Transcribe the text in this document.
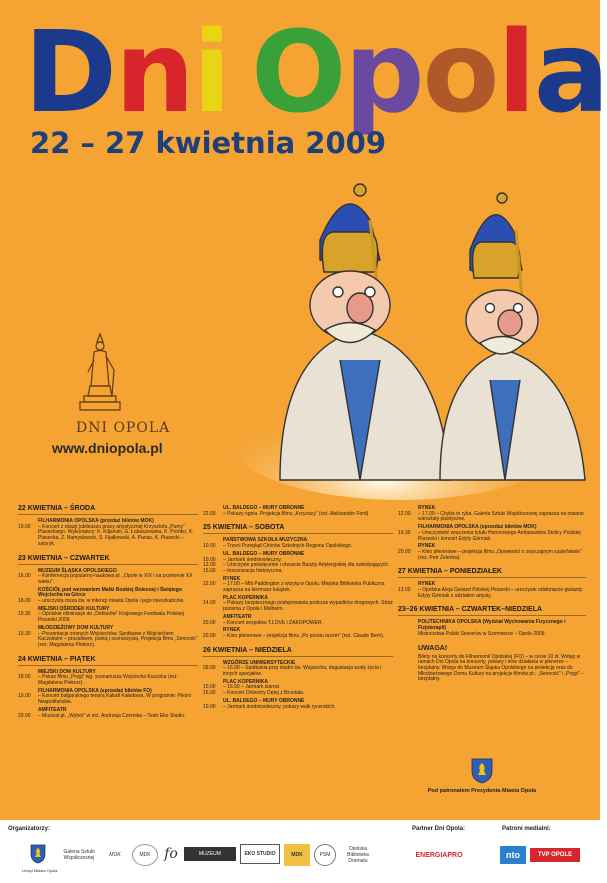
Dni Opola
22 – 27 kwietnia 2009
DNI OPOLA
www.dniopola.pl
22 KWIETNIA – ŚRODA
FILHARMONIA OPOLSKA (przedaż biletów MOK)
19.00	– Koncert z okazji jubileuszu pracy artystycznej Krzysztofa „Pumy” Piaseckiego. Wykonawcy: K. Kiljański, G. Łobaszewska, K. Prońko, K. Piasecka, Z. Namysłowski, S. Fijałkowski, A. Panas, K. Piasecki – satyryk.
23 KWIETNIA – CZWARTEK
MUZEUM ŚLĄSKA OPOLSKIEGO
16.00	– Konferencja popularno-naukowa pt. „Opole w XIX i na przełomie XX wieku”.
KOŚCIÓŁ pod wezwaniem Matki Boskiej Bolesnej i Świętego Wojciecha na Górce
18.00	– uroczysta msza św. w intencji miasta Opola i jego mieszkańców.
MIEJSKI OŚRODEK KULTURY
19.30	– Opolskie eliminacje do „Debiutów” Krajowego Festiwalu Polskiej Piosenki 2009.
MŁODZIEŻOWY DOM KULTURY
19.30	– Prezentacje znanych Wojciechów. Spotkanie z Wojciechem Kuczokiem – prozaikiem, poetą i scenarzystą. Projekcja filmu „Senność” (reż. Magdalena Piekorz).
24 KWIETNIA – PIĄTEK
MIEJSKI DOM KULTURY
18.00	– Pokaz filmu „Pręgi” wg. scenariusza Wojciecha Kuczoka (reż. Magdalena Piekorz).
FILHARMONIA OPOLSKA (sprzedaż biletów FO)
19.00	– Koncert bułgarskiego tenora Kałudi Kałudowa. W programie: Pieśni Neapolitańskie.
AMFITEATR
20.00	– Musical pt. „Wybór” w reż. Andrzeja Czernika – Teatr Eko Studio.
UL. BALDEGO – MURY OBRONNE
22.00	– Pokazy ognia. Projekcja filmu „Krzyżacy” (reż. Aleksander Ford).
25 KWIETNIA – SOBOTA
PAŃSTWOWA SZKOŁA MUZYCZNA
10.00	– Trzeci Przegląd Chórów Szkolnych Regionu Opolskiego.
UL. BALDEGO – MURY OBRONNE
10.00	– Jarmark średniowieczny.
12.00	– Uroczyste poświęcenie i otwarcie Baszty Artyleryjskiej dla zwiedzających.
15.00	– Inscenizacja historyczna.
RYNEK
12.00	– 17.00 – Miś Paddington z wizytą w Opolu. Miejska Biblioteka Publiczna zaprasza na kiermasz książek.
PLAC KOPERNIKA
14.00	– Pokazy bezpiecznego postępowania podczas wypadków drogowych. Straż pożarna z Opola i Mülheim.
AMFITEATR
20.00	– Koncert zespołów T.LOVE i ZAKOPOWER.
RYNEK
20.00	– Kino plenerowe – projekcja filmu „Po prostu razem” (reż. Claude Berri).
26 KWIETNIA – NIEDZIELA
WZGÓRZE UNIWERSYTECKIE
09.00	– 16.00 – Spotkania przy studni św. Wojciecha, degustacja wody życia i innych specjałów.
PLAC KOPERNIKA
10.00	– 16.00 – Jarmark staroci.
16.00	– Koncert Orkiestry Dętej z Bruntala.
UL. BALDEGO – MURY OBRONNE
10.00	– Jarmark średniowieczny, pokazy walk rycerskich.
RYNEK
12.00	– 17.00 – Chyba to ryba. Galeria Sztuki Współczesnej zaprasza na otwarte warsztaty plastyczne.
FILHARMONIA OPOLSKA (sprzedaż biletów MOK)
19.30	– Uroczystość wręczenia tytułu Honorowego Ambasadora Stolicy Polskiej Piosenki i koncert Edyty Górniak.
RYNEK
20.00	– Kino plenerowe – projekcja filmu „Opowieści o zwyczajnym szaleństwie” (reż. Petr Zelenka).
27 KWIETNIA – PONIEDZIAŁEK
RYNEK
13.00	– Opolska Aleja Gwiazd Polskiej Piosenki – uroczyste odsłonięcie gwiazdy Edyty Górniak z udziałem artysty.
23–26 KWIETNIA – CZWARTEK–NIEDZIELA
POLITECHNIKA OPOLSKA (Wydział Wychowania Fizycznego i Fizjoterapii)
Mistrzostwa Polski Seniorów w Szermierce – Opole 2009.
UWAGA!
Bilety na koncerty do Filharmonii Opolskiej (FO) – w cenie 10 zł. Wstęp w ramach Dni Opola na koncerty, pokazy i inne działania w plenerze – bezpłatny. Wstęp do Muzeum Śląska Opolskiego na prelekcję oraz do Młodzieżowego Domu Kultury na projekcje filmów pt.: „Senność” i „Pręgi” – bezpłatny.
Pod patronatem Prezydenta Miasta Opola
Organizatorzy:
Urząd Miasta Opola
Galeria Sztuki Współczesnej	MOK	MDK fo	MUZEUM	EKO STUDIO	MDK	PSM
Opolska Biblioteka Dramatu
Partner Dni Opola:
ENERGIAPRO
Patroni medialni:
nto	TVP OPOLE
